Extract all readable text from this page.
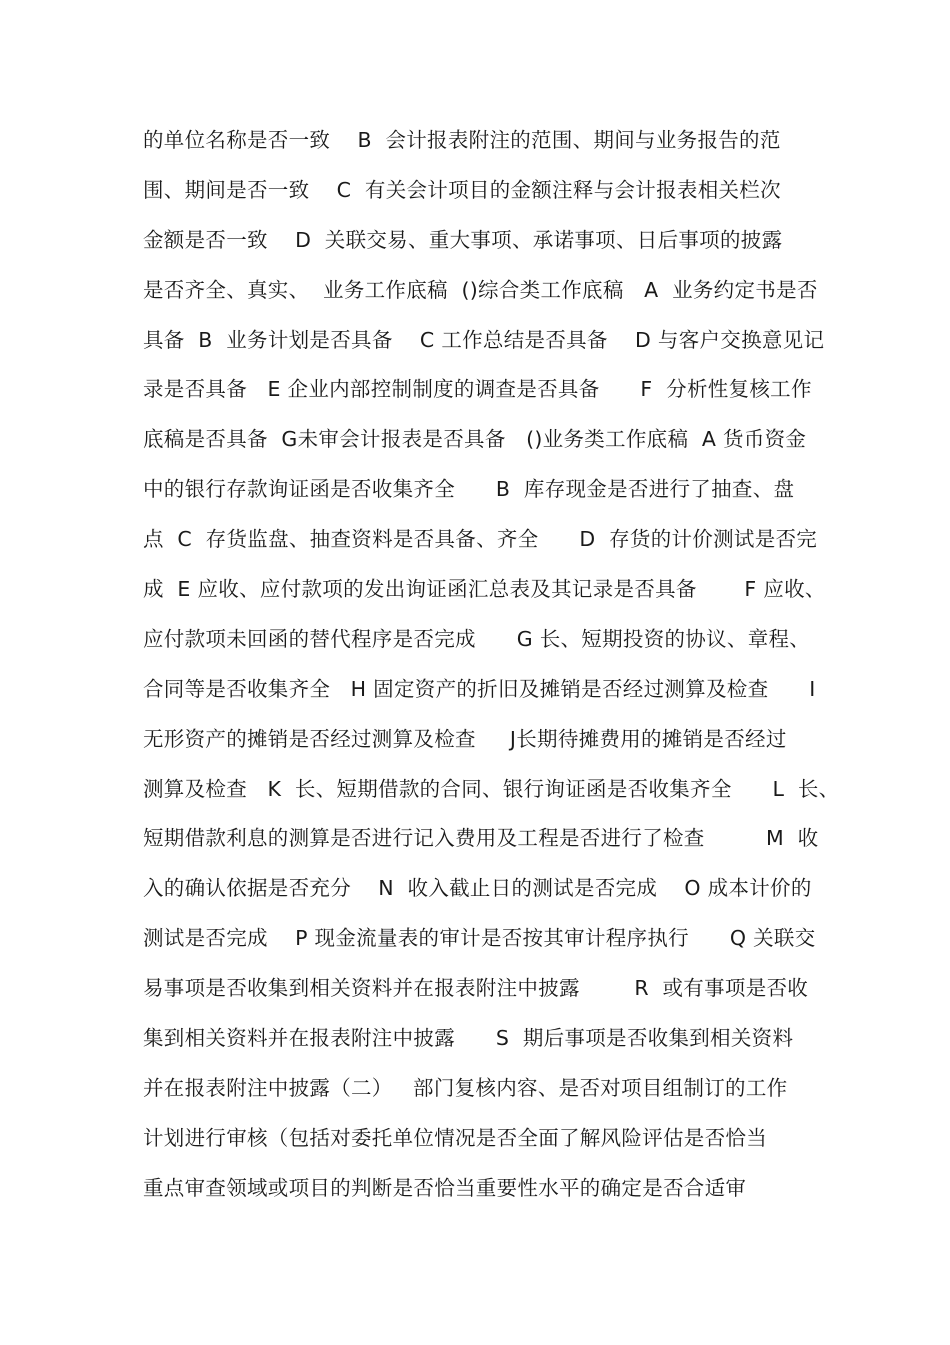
的单位名称是否一致    B  会计报表附注的范围、期间与业务报告的范
围、期间是否一致    C  有关会计项目的金额注释与会计报表相关栏次
金额是否一致    D  关联交易、重大事项、承诺事项、日后事项的披露
是否齐全、真实、  业务工作底稿  ()综合类工作底稿   A  业务约定书是否
具备  B  业务计划是否具备    C 工作总结是否具备    D 与客户交换意见记
录是否具备   E 企业内部控制制度的调查是否具备      F  分析性复核工作
底稿是否具备  G未审会计报表是否具备   ()业务类工作底稿  A 货币资金
中的银行存款询证函是否收集齐全      B  库存现金是否进行了抽查、盘
点  C  存货监盘、抽查资料是否具备、齐全      D  存货的计价测试是否完
成  E 应收、应付款项的发出询证函汇总表及其记录是否具备       F 应收、
应付款项未回函的替代程序是否完成      G 长、短期投资的协议、章程、
合同等是否收集齐全   H 固定资产的折旧及摊销是否经过测算及检查      I
无形资产的摊销是否经过测算及检查     J长期待摊费用的摊销是否经过
测算及检查   K  长、短期借款的合同、银行询证函是否收集齐全      L  长、
短期借款利息的测算是否进行记入费用及工程是否进行了检查         M  收
入的确认依据是否充分    N  收入截止日的测试是否完成    O 成本计价的
测试是否完成    P 现金流量表的审计是否按其审计程序执行      Q 关联交
易事项是否收集到相关资料并在报表附注中披露        R  或有事项是否收
集到相关资料并在报表附注中披露      S  期后事项是否收集到相关资料
并在报表附注中披露（二）   部门复核内容、是否对项目组制订的工作
计划进行审核（包括对委托单位情况是否全面了解风险评估是否恰当
重点审查领域或项目的判断是否恰当重要性水平的确定是否合适审
